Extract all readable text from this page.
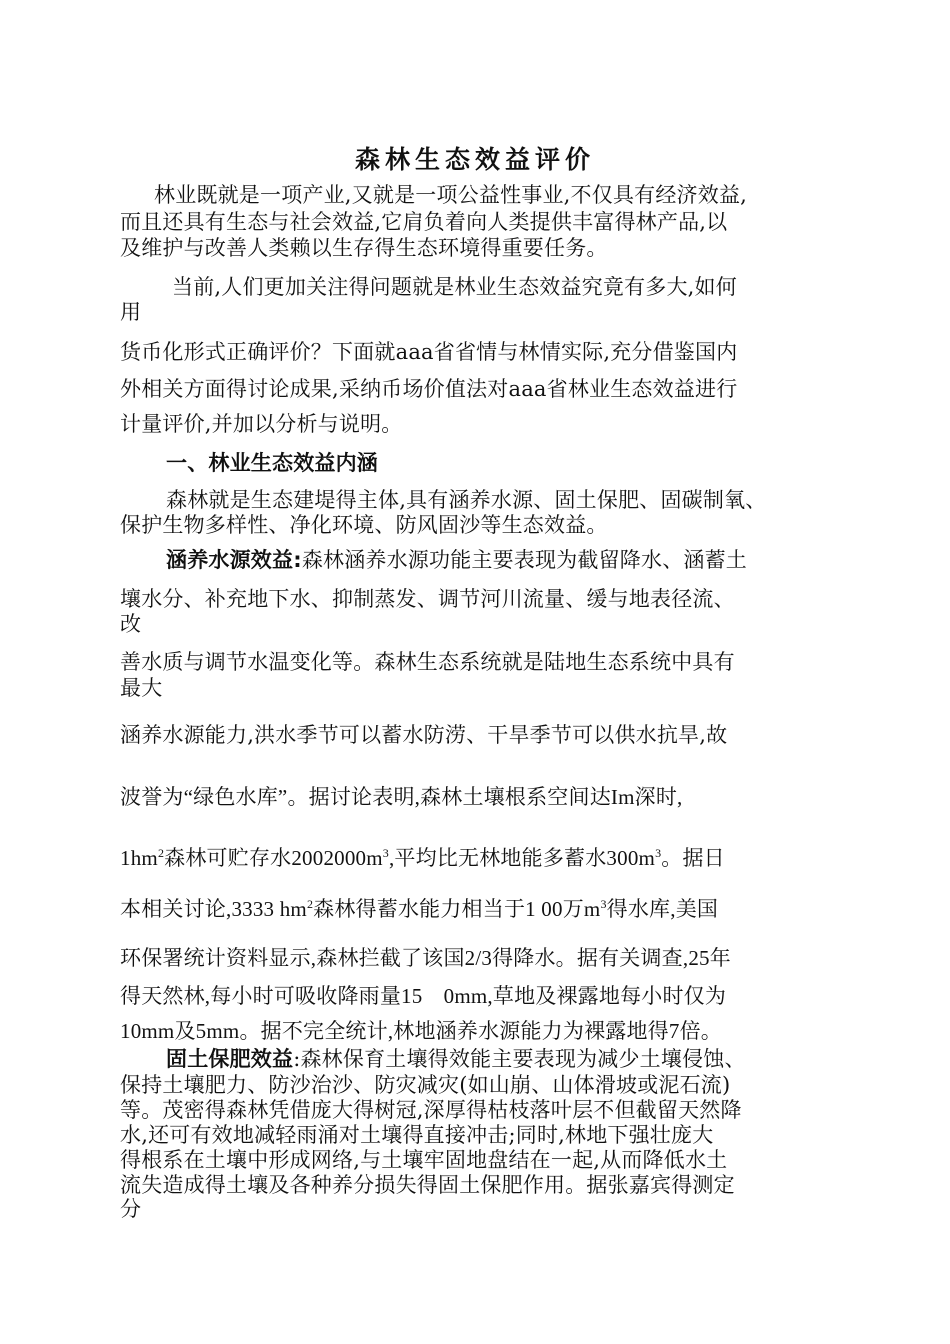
森林生态效益评价
林业既就是一项产业,又就是一项公益性事业,不仅具有经济效益,
而且还具有生态与社会效益,它肩负着向人类提供丰富得林产品,以
及维护与改善人类赖以生存得生态环境得重要任务。
当前,人们更加关注得问题就是林业生态效益究竟有多大,如何
用
货币化形式正确评价？下面就aaa省省情与林情实际,充分借鉴国内
外相关方面得讨论成果,采纳币场价值法对aaa省林业生态效益进行
计量评价,并加以分析与说明。
一、林业生态效益内涵
森林就是生态建堤得主体,具有涵养水源、固土保肥、固碳制氧、
保护生物多样性、净化环境、防风固沙等生态效益。
涵养水源效益:森林涵养水源功能主要表现为截留降水、涵蓄土
壤水分、补充地下水、抑制蒸发、调节河川流量、缓与地表径流、
改
善水质与调节水温变化等。森林生态系统就是陆地生态系统中具有
最大
涵养水源能力,洪水季节可以蓄水防涝、干旱季节可以供水抗旱,故
波誉为“绿色水库”。据讨论表明,森林土壤根系空间达Im深时,
$1hm^2$森林可贮存水$2002000m^3$,平均比无林地能多蓄水$300m^3$。据日
本相关讨论,3333 $hm^2$森林得蓄水能力相当于1 00万$m^3$得水库,美国
环保署统计资料显示,森林拦截了该国2/3得降水。据有关调查,25年
得天然林,每小时可吸收降雨量15　0mm,草地及裸露地每小时仅为
10mm及5mm。据不完全统计,林地涵养水源能力为裸露地得7倍。
固土保肥效益:森林保育土壤得效能主要表现为减少土壤侵蚀、
保持土壤肥力、防沙治沙、防灾减灾(如山崩、山体滑坡或泥石流)
等。茂密得森林凭借庞大得树冠,深厚得枯枝落叶层不但截留天然降
水,还可有效地减轻雨涌对土壤得直接冲击;同时,林地下强壮庞大
得根系在土壤中形成网络,与土壤牢固地盘结在一起,从而降低水土
流失造成得土壤及各种养分损失得固土保肥作用。据张嘉宾得测定
分
